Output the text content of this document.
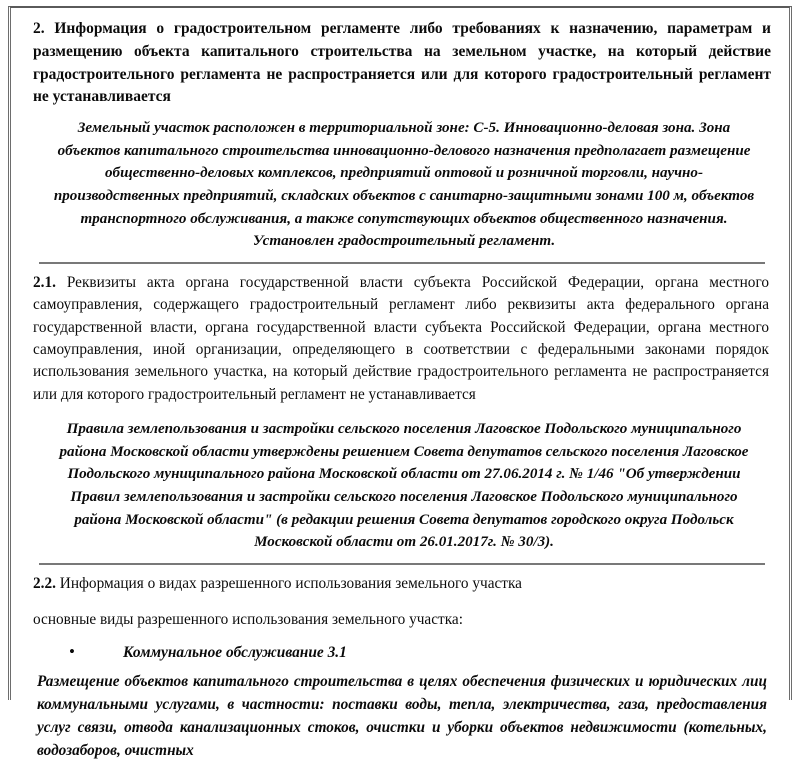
2. Информация о градостроительном регламенте либо требованиях к назначению, параметрам и размещению объекта капитального строительства на земельном участке, на который действие градостроительного регламента не распространяется или для которого градостроительный регламент не устанавливается

Земельный участок расположен в территориальной зоне: С-5. Инновационно-деловая зона. Зона объектов капитального строительства инновационно-делового назначения предполагает размещение общественно-деловых комплексов, предприятий оптовой и розничной торговли, научно-производственных предприятий, складских объектов с санитарно-защитными зонами 100 м, объектов транспортного обслуживания, а также сопутствующих объектов общественного назначения. Установлен градостроительный регламент.

2.1. Реквизиты акта органа государственной власти субъекта Российской Федерации, органа местного самоуправления, содержащего градостроительный регламент либо реквизиты акта федерального органа государственной власти, органа государственной власти субъекта Российской Федерации, органа местного самоуправления, иной организации, определяющего в соответствии с федеральными законами порядок использования земельного участка, на который действие градостроительного регламента не распространяется или для которого градостроительный регламент не устанавливается

Правила землепользования и застройки сельского поселения Лаговское Подольского муниципального района Московской области утверждены решением Совета депутатов сельского поселения Лаговское Подольского муниципального района Московской области от 27.06.2014 г. № 1/46 "Об утверждении Правил землепользования и застройки сельского поселения Лаговское Подольского муниципального района Московской области" (в редакции решения Совета депутатов городского округа Подольск Московской области от 26.01.2017г. № 30/3).

2.2. Информация о видах разрешенного использования земельного участка

основные виды разрешенного использования земельного участка:

•	Коммунальное обслуживание 3.1

Размещение объектов капитального строительства в целях обеспечения физических и юридических лиц коммунальными услугами, в частности: поставки воды, тепла, электричества, газа, предоставления услуг связи, отвода канализационных стоков, очистки и уборки объектов недвижимости (котельных, водозаборов, очистных
